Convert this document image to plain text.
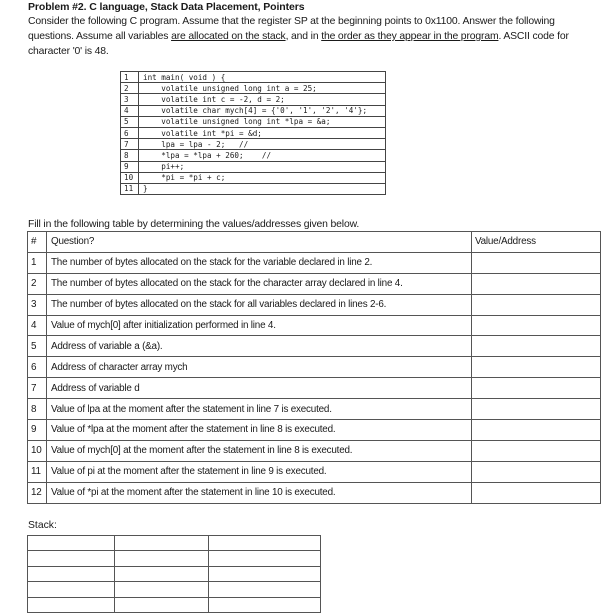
Problem #2. C language, Stack Data Placement, Pointers
Consider the following C program. Assume that the register SP at the beginning points to 0x1100. Answer the following questions. Assume all variables are allocated on the stack, and in the order as they appear in the program. ASCII code for character '0' is 48.
1	int main( void ) {
2	volatile unsigned long int a = 25;
3	volatile int c = -2, d = 2;
4	volatile char mych[4] = {'0', '1', '2', '4'};
5	volatile unsigned long int *lpa = &a;
6	volatile int *pi = &d;
7	lpa = lpa - 2;   //
8	*lpa = *lpa + 260;    //
9	pi++;
10	*pi = *pi + c;
11	}
Fill in the following table by determining the values/addresses given below.
#	Question?	Value/Address
1	The number of bytes allocated on the stack for the variable declared in line 2.	
2	The number of bytes allocated on the stack for the character array declared in line 4.	
3	The number of bytes allocated on the stack for all variables declared in lines 2-6.	
4	Value of mych[0] after initialization performed in line 4.	
5	Address of variable a (&a).	
6	Address of character array mych	
7	Address of variable d	
8	Value of lpa at the moment after the statement in line 7 is executed.	
9	Value of *lpa at the moment after the statement in line 8 is executed.	
10	Value of mych[0] at the moment after the statement in line 8 is executed.	
11	Value of pi at the moment after the statement in line 9 is executed.	
12	Value of *pi at the moment after the statement in line 10 is executed.	
Stack:
